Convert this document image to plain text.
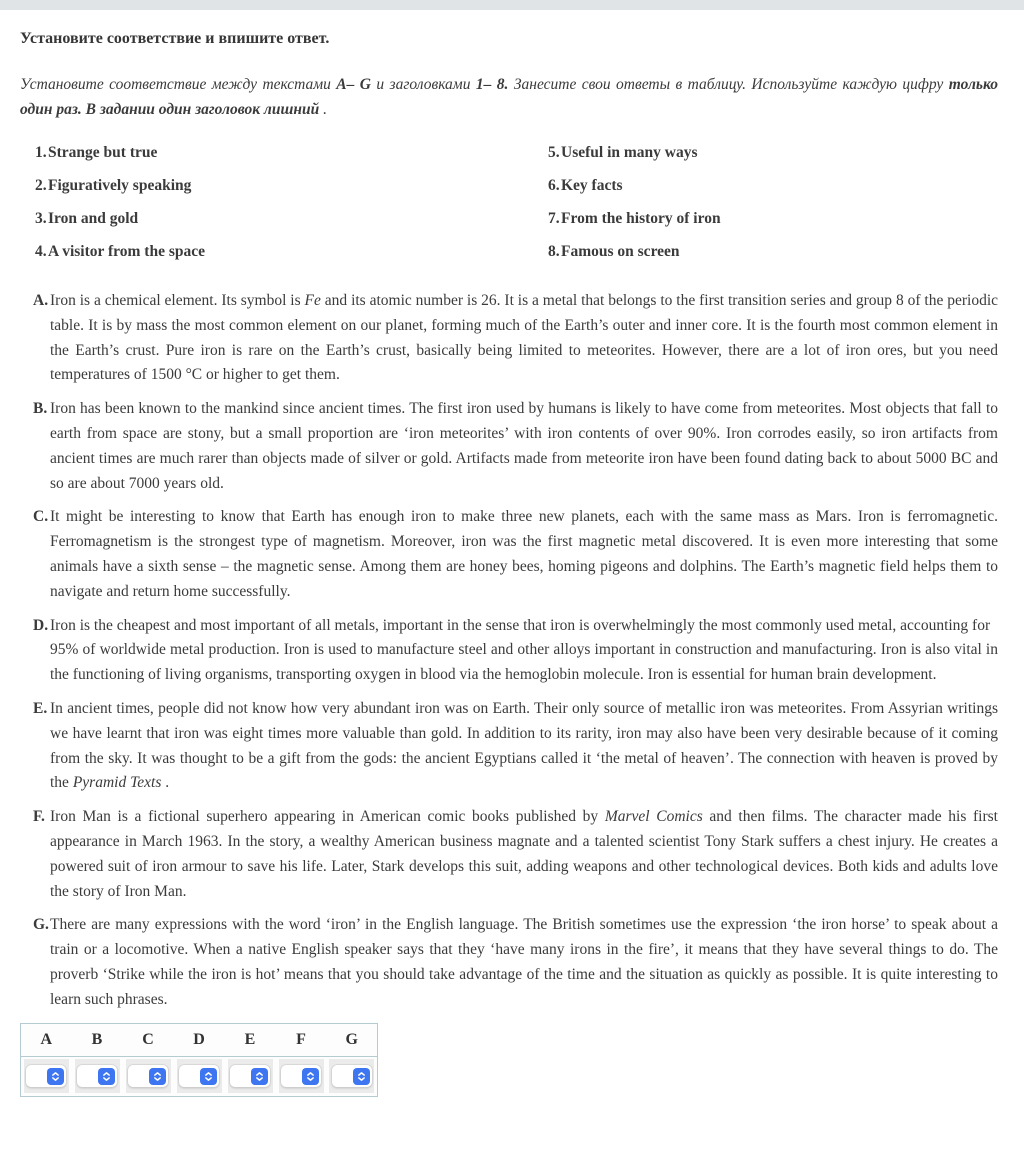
Установите соответствие и впишите ответ.

Установите соответствие между текстами A– G и заголовками 1– 8. Занесите свои ответы в таблицу. Используйте каждую цифру только один раз. В задании один заголовок лишний .

1. Strange but true
2. Figuratively speaking
3. Iron and gold
4. A visitor from the space
5. Useful in many ways
6. Key facts
7. From the history of iron
8. Famous on screen
A. Iron is a chemical element. Its symbol is Fe and its atomic number is 26. It is a metal that belongs to the first transition series and group 8 of the periodic table. It is by mass the most common element on our planet, forming much of the Earth’s outer and inner core. It is the fourth most common element in the Earth’s crust. Pure iron is rare on the Earth’s crust, basically being limited to meteorites. However, there are a lot of iron ores, but you need temperatures of 1500 °C or higher to get them.
B. Iron has been known to the mankind since ancient times. The first iron used by humans is likely to have come from meteorites. Most objects that fall to earth from space are stony, but a small proportion are ‘iron meteorites’ with iron contents of over 90%. Iron corrodes easily, so iron artifacts from ancient times are much rarer than objects made of silver or gold. Artifacts made from meteorite iron have been found dating back to about 5000 BC and so are about 7000 years old.
C. It might be interesting to know that Earth has enough iron to make three new planets, each with the same mass as Mars. Iron is ferromagnetic. Ferromagnetism is the strongest type of magnetism. Moreover, iron was the first magnetic metal discovered. It is even more interesting that some animals have a sixth sense – the magnetic sense. Among them are honey bees, homing pigeons and dolphins. The Earth’s magnetic field helps them to navigate and return home successfully.
D. Iron is the cheapest and most important of all metals, important in the sense that iron is overwhelmingly the most commonly used metal, accounting for
95% of worldwide metal production. Iron is used to manufacture steel and other alloys important in construction and manufacturing. Iron is also vital in the functioning of living organisms, transporting oxygen in blood via the hemoglobin molecule. Iron is essential for human brain development.
E. In ancient times, people did not know how very abundant iron was on Earth. Their only source of metallic iron was meteorites. From Assyrian writings we have learnt that iron was eight times more valuable than gold. In addition to its rarity, iron may also have been very desirable because of it coming from the sky. It was thought to be a gift from the gods: the ancient Egyptians called it ‘the metal of heaven’. The connection with heaven is proved by the Pyramid Texts .
F. Iron Man is a fictional superhero appearing in American comic books published by Marvel Comics and then films. The character made his first appearance in March 1963. In the story, a wealthy American business magnate and a talented scientist Tony Stark suffers a chest injury. He creates a powered suit of iron armour to save his life. Later, Stark develops this suit, adding weapons and other technological devices. Both kids and adults love the story of Iron Man.
G. There are many expressions with the word ‘iron’ in the English language. The British sometimes use the expression ‘the iron horse’ to speak about a train or a locomotive. When a native English speaker says that they ‘have many irons in the fire’, it means that they have several things to do. The proverb ‘Strike while the iron is hot’ means that you should take advantage of the time and the situation as quickly as possible. It is quite interesting to learn such phrases.
A	B	C	D	E	F	G
